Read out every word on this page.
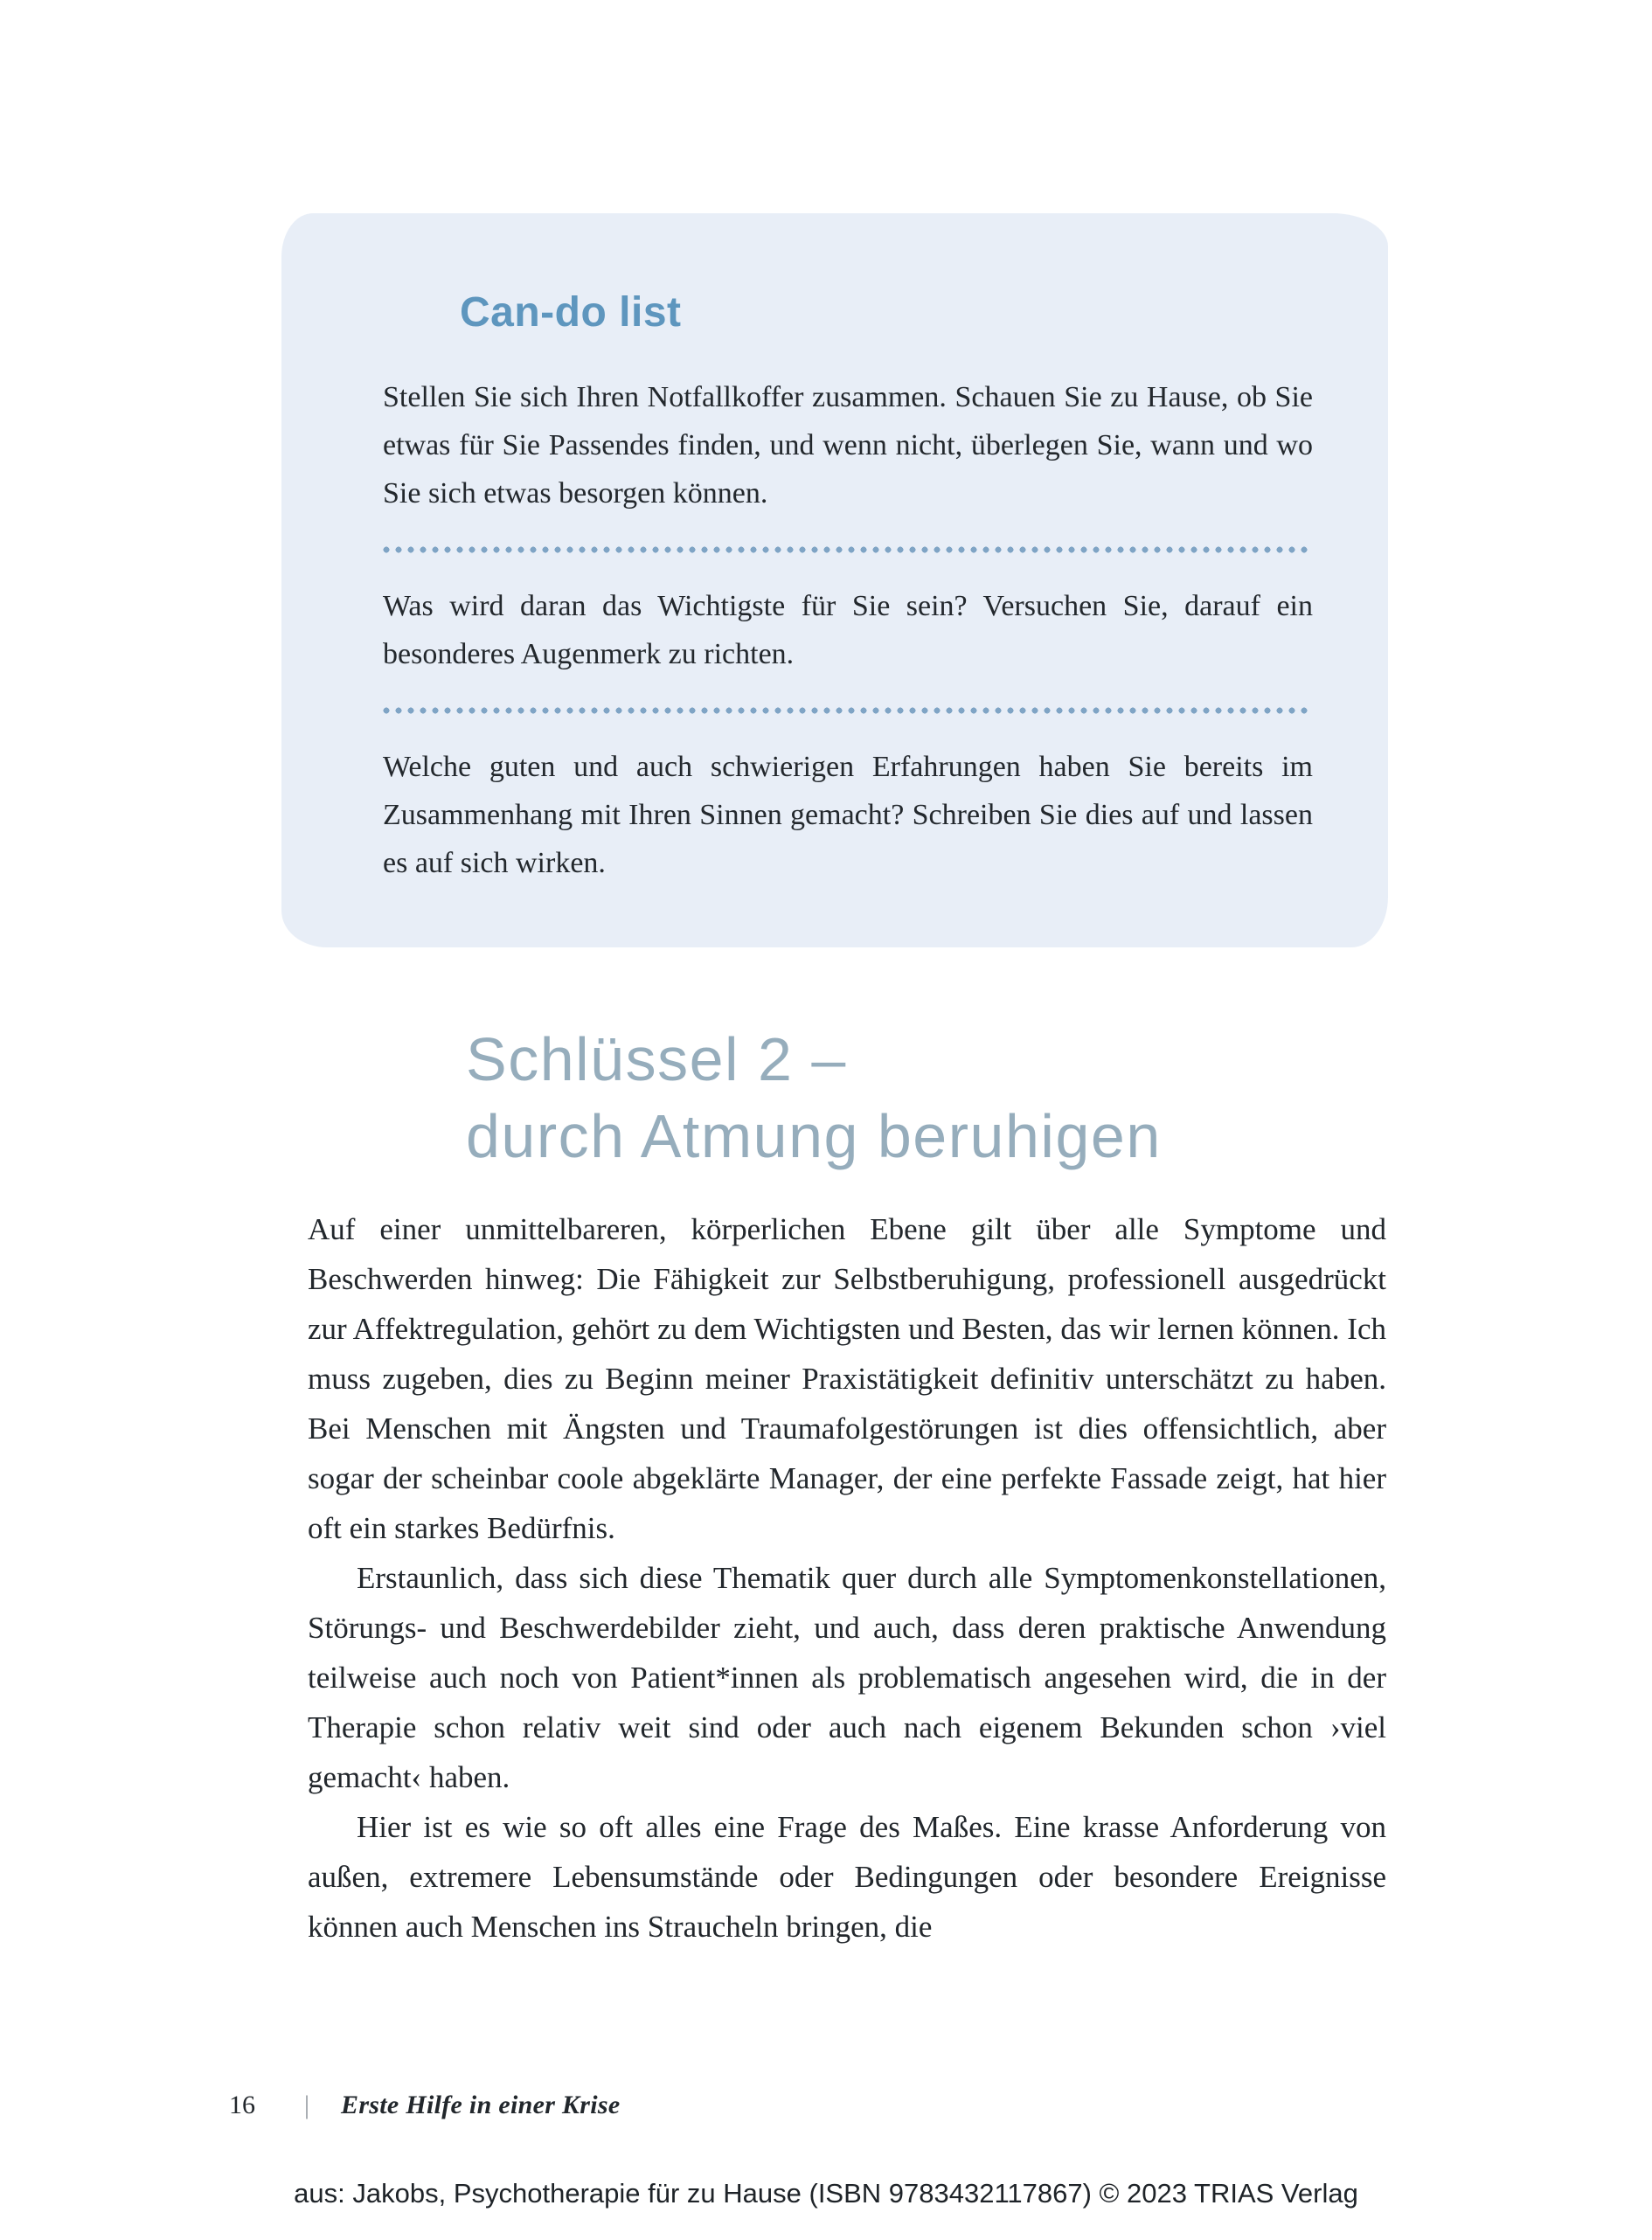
Can-do list

Stellen Sie sich Ihren Notfallkoffer zusammen. Schauen Sie zu Hause, ob Sie etwas für Sie Passendes finden, und wenn nicht, überlegen Sie, wann und wo Sie sich etwas besorgen können.

Was wird daran das Wichtigste für Sie sein? Versuchen Sie, darauf ein besonderes Augenmerk zu richten.

Welche guten und auch schwierigen Erfahrungen haben Sie bereits im Zusammenhang mit Ihren Sinnen gemacht? Schreiben Sie dies auf und lassen es auf sich wirken.

Schlüssel 2 –
durch Atmung beruhigen

Auf einer unmittelbareren, körperlichen Ebene gilt über alle Symptome und Beschwerden hinweg: Die Fähigkeit zur Selbstberuhigung, professionell ausgedrückt zur Affektregulation, gehört zu dem Wichtigsten und Besten, das wir lernen können. Ich muss zugeben, dies zu Beginn meiner Praxistätigkeit definitiv unterschätzt zu haben. Bei Menschen mit Ängsten und Traumafolgestörungen ist dies offensichtlich, aber sogar der scheinbar coole abgeklärte Manager, der eine perfekte Fassade zeigt, hat hier oft ein starkes Bedürfnis.

Erstaunlich, dass sich diese Thematik quer durch alle Symptomenkonstellationen, Störungs- und Beschwerdebilder zieht, und auch, dass deren praktische Anwendung teilweise auch noch von Patient*innen als problematisch angesehen wird, die in der Therapie schon relativ weit sind oder auch nach eigenem Bekunden schon ›viel gemacht‹ haben.

Hier ist es wie so oft alles eine Frage des Maßes. Eine krasse Anforderung von außen, extremere Lebensumstände oder Bedingungen oder besondere Ereignisse können auch Menschen ins Straucheln bringen, die

16 | Erste Hilfe in einer Krise
aus: Jakobs, Psychotherapie für zu Hause (ISBN 9783432117867) © 2023 TRIAS Verlag
